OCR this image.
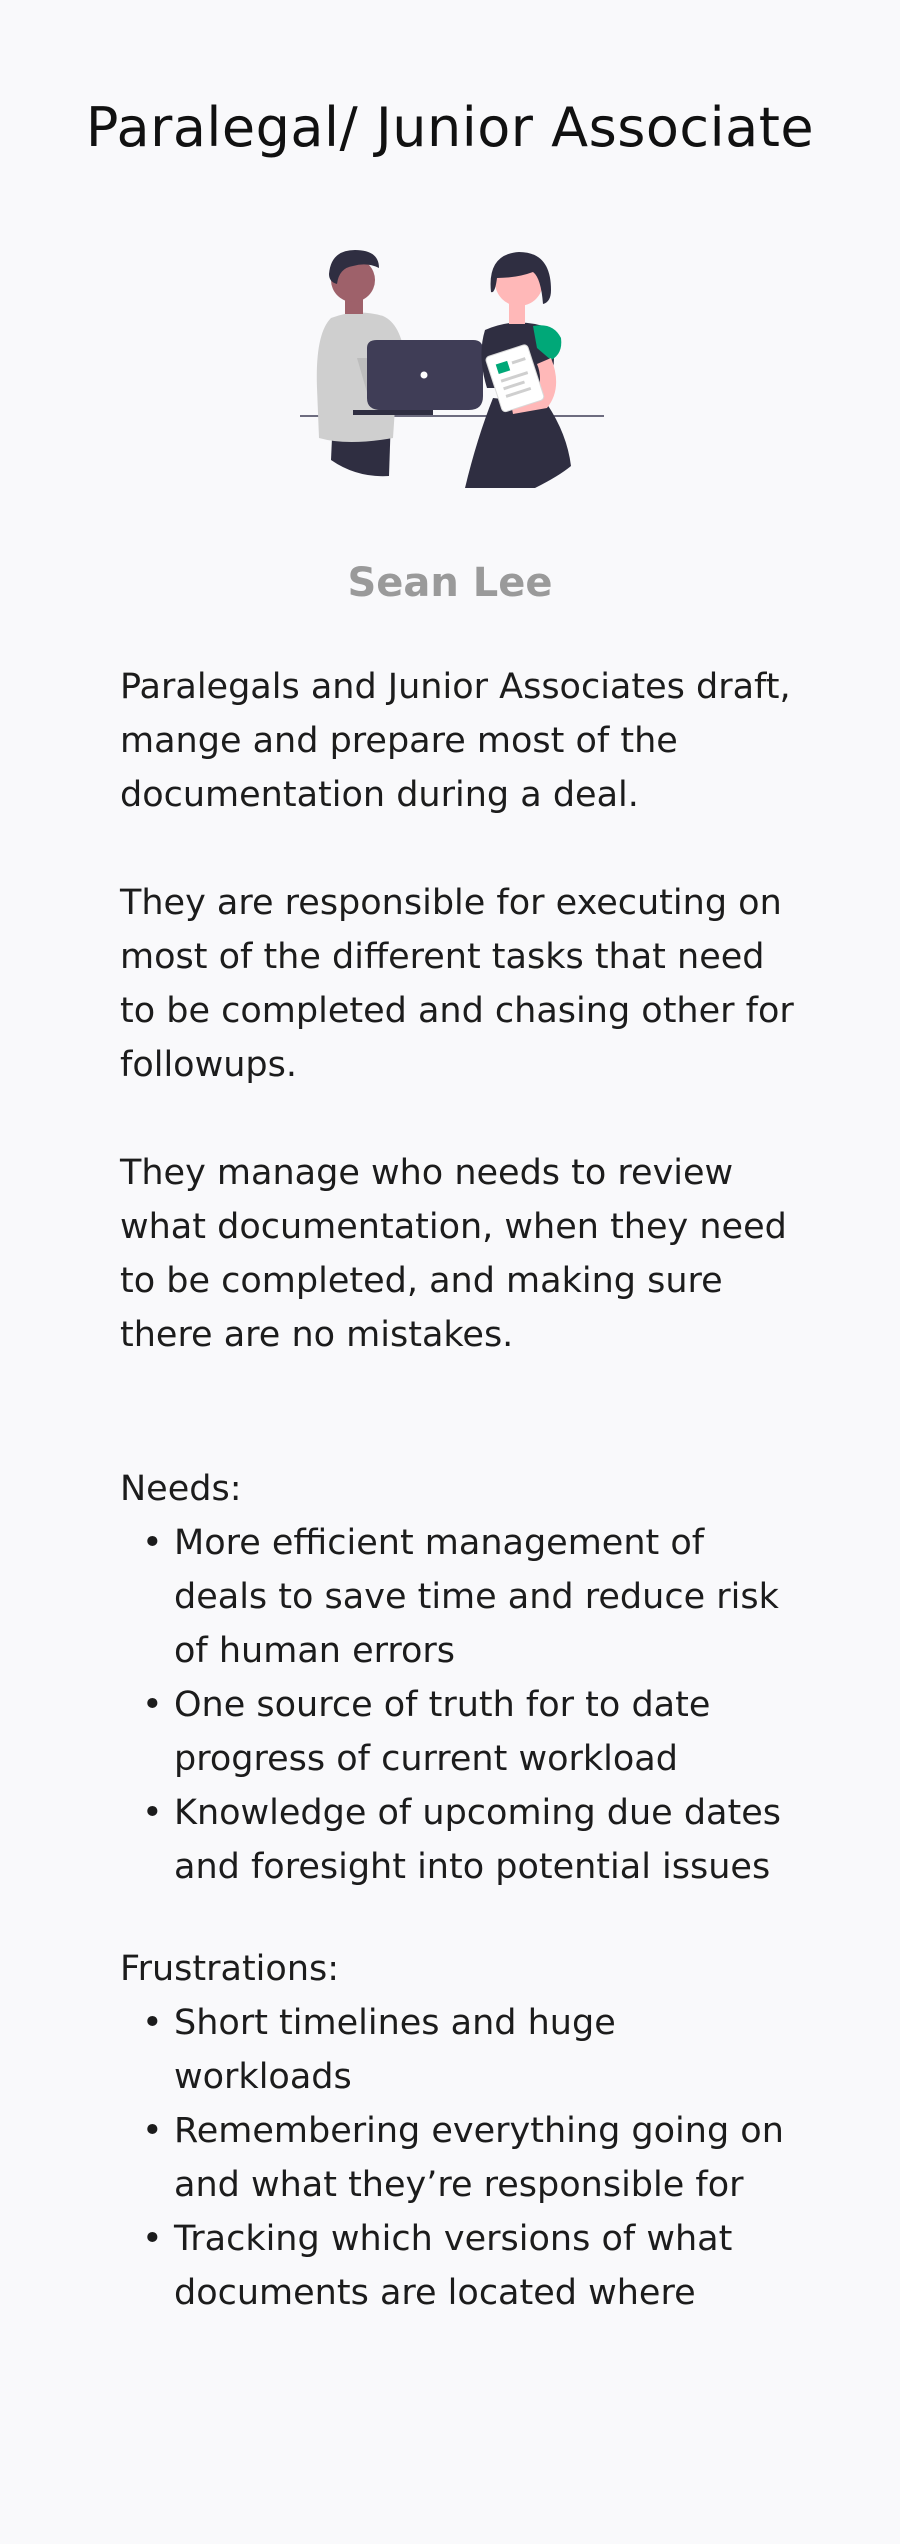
Paralegal/ Junior Associate
Sean Lee

Paralegals and Junior Associates draft, mange and prepare most of the documentation during a deal.

They are responsible for executing on most of the different tasks that need to be completed and chasing other for followups.

They manage who needs to review what documentation, when they need to be completed, and making sure there are no mistakes.

Needs:
• More efficient management of deals to save time and reduce risk of human errors
• One source of truth for to date progress of current workload
• Knowledge of upcoming due dates and foresight into potential issues
Frustrations:
• Short timelines and huge workloads
• Remembering everything going on and what they’re responsible for
• Tracking which versions of what documents are located where
